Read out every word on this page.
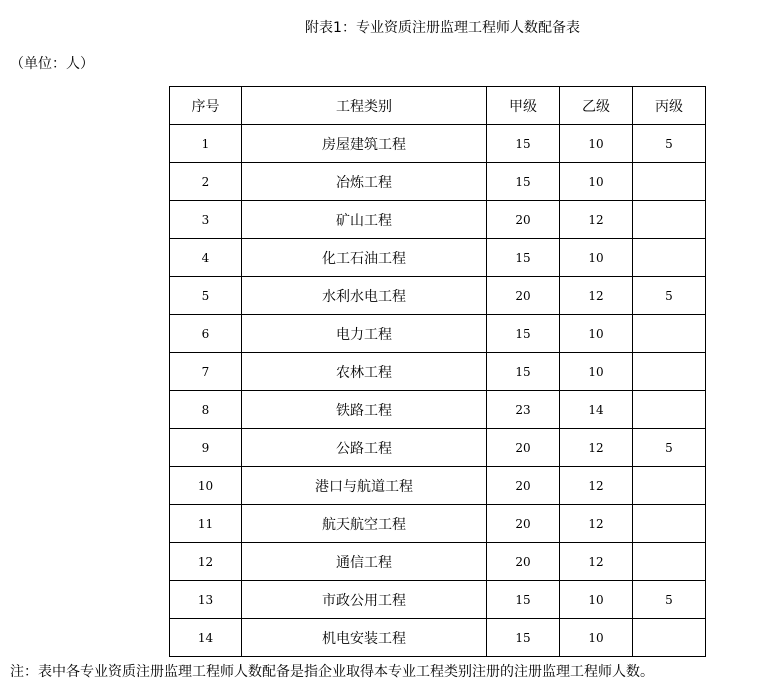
附表1：专业资质注册监理工程师人数配备表
（单位：人）
序号	工程类别	甲级	乙级	丙级
1	房屋建筑工程	15	10	5
2	冶炼工程	15	10	
3	矿山工程	20	12	
4	化工石油工程	15	10	
5	水利水电工程	20	12	5
6	电力工程	15	10	
7	农林工程	15	10	
8	铁路工程	23	14	
9	公路工程	20	12	5
10	港口与航道工程	20	12	
11	航天航空工程	20	12	
12	通信工程	20	12	
13	市政公用工程	15	10	5
14	机电安装工程	15	10	
注：表中各专业资质注册监理工程师人数配备是指企业取得本专业工程类别注册的注册监理工程师人数。
